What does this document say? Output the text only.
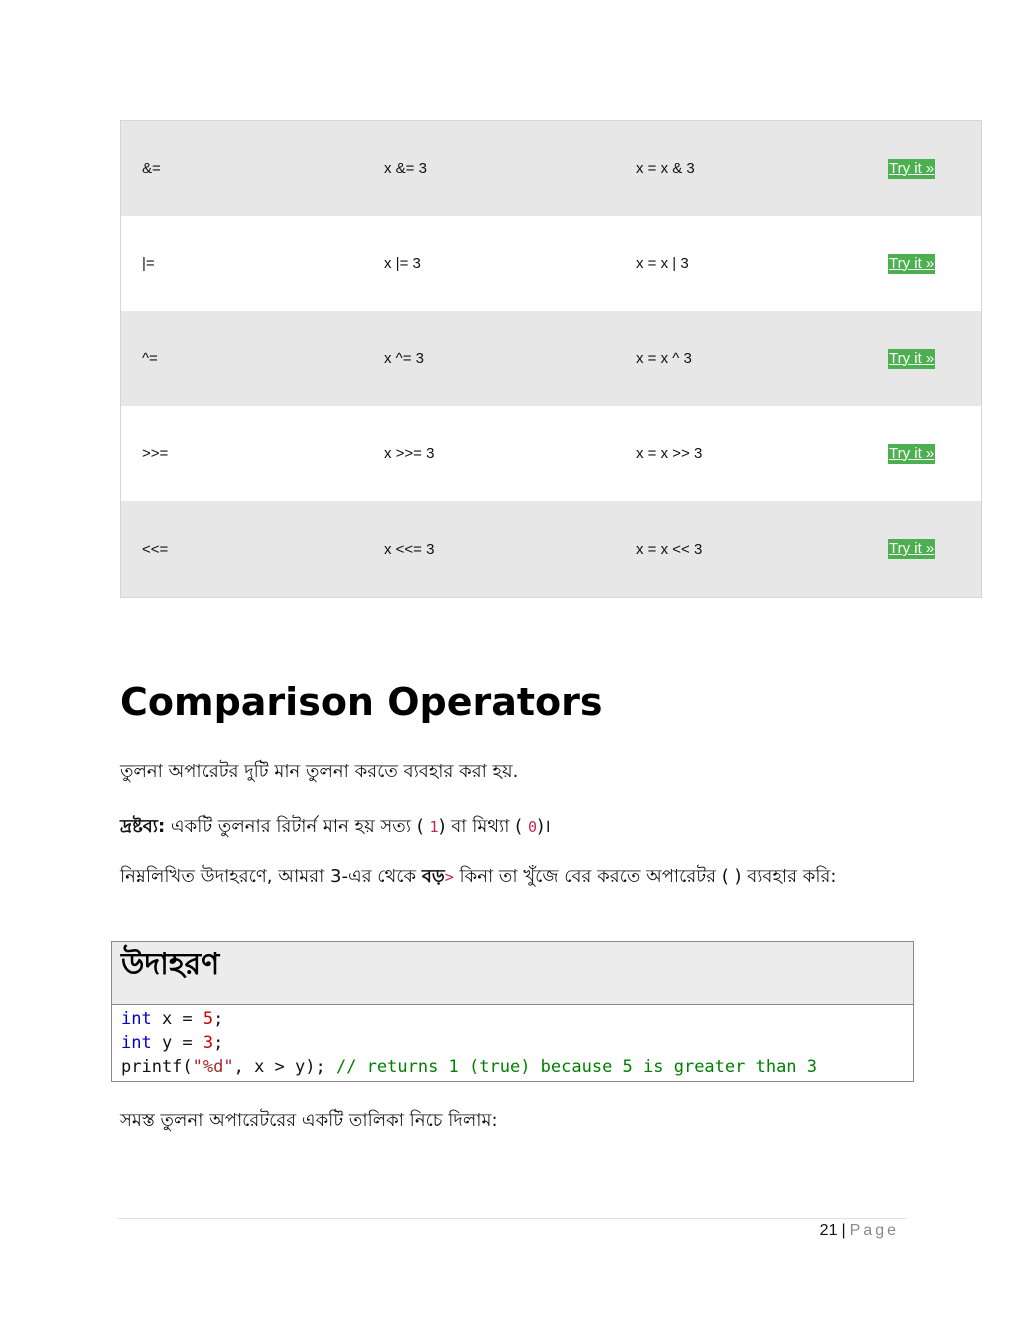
&=	x &= 3	x = x & 3	Try it »
|=	x |= 3	x = x | 3	Try it »
^=	x ^= 3	x = x ^ 3	Try it »
>>=	x >>= 3	x = x >> 3	Try it »
<<=	x <<= 3	x = x << 3	Try it »
Comparison Operators
তুলনা অপারেটর দুটি মান তুলনা করতে ব্যবহার করা হয়.
দ্রষ্টব্য: একটি তুলনার রিটার্ন মান হয় সত্য ( 1) বা মিথ্যা ( 0)।
নিম্নলিখিত উদাহরণে, আমরা 3-এর থেকে বড়> কিনা তা খুঁজে বের করতে অপারেটর ( ) ব্যবহার করি:
উদাহরণ
int x = 5;
int y = 3;
printf("%d", x > y); // returns 1 (true) because 5 is greater than 3
সমস্ত তুলনা অপারেটরের একটি তালিকা নিচে দিলাম:
21 | Page
